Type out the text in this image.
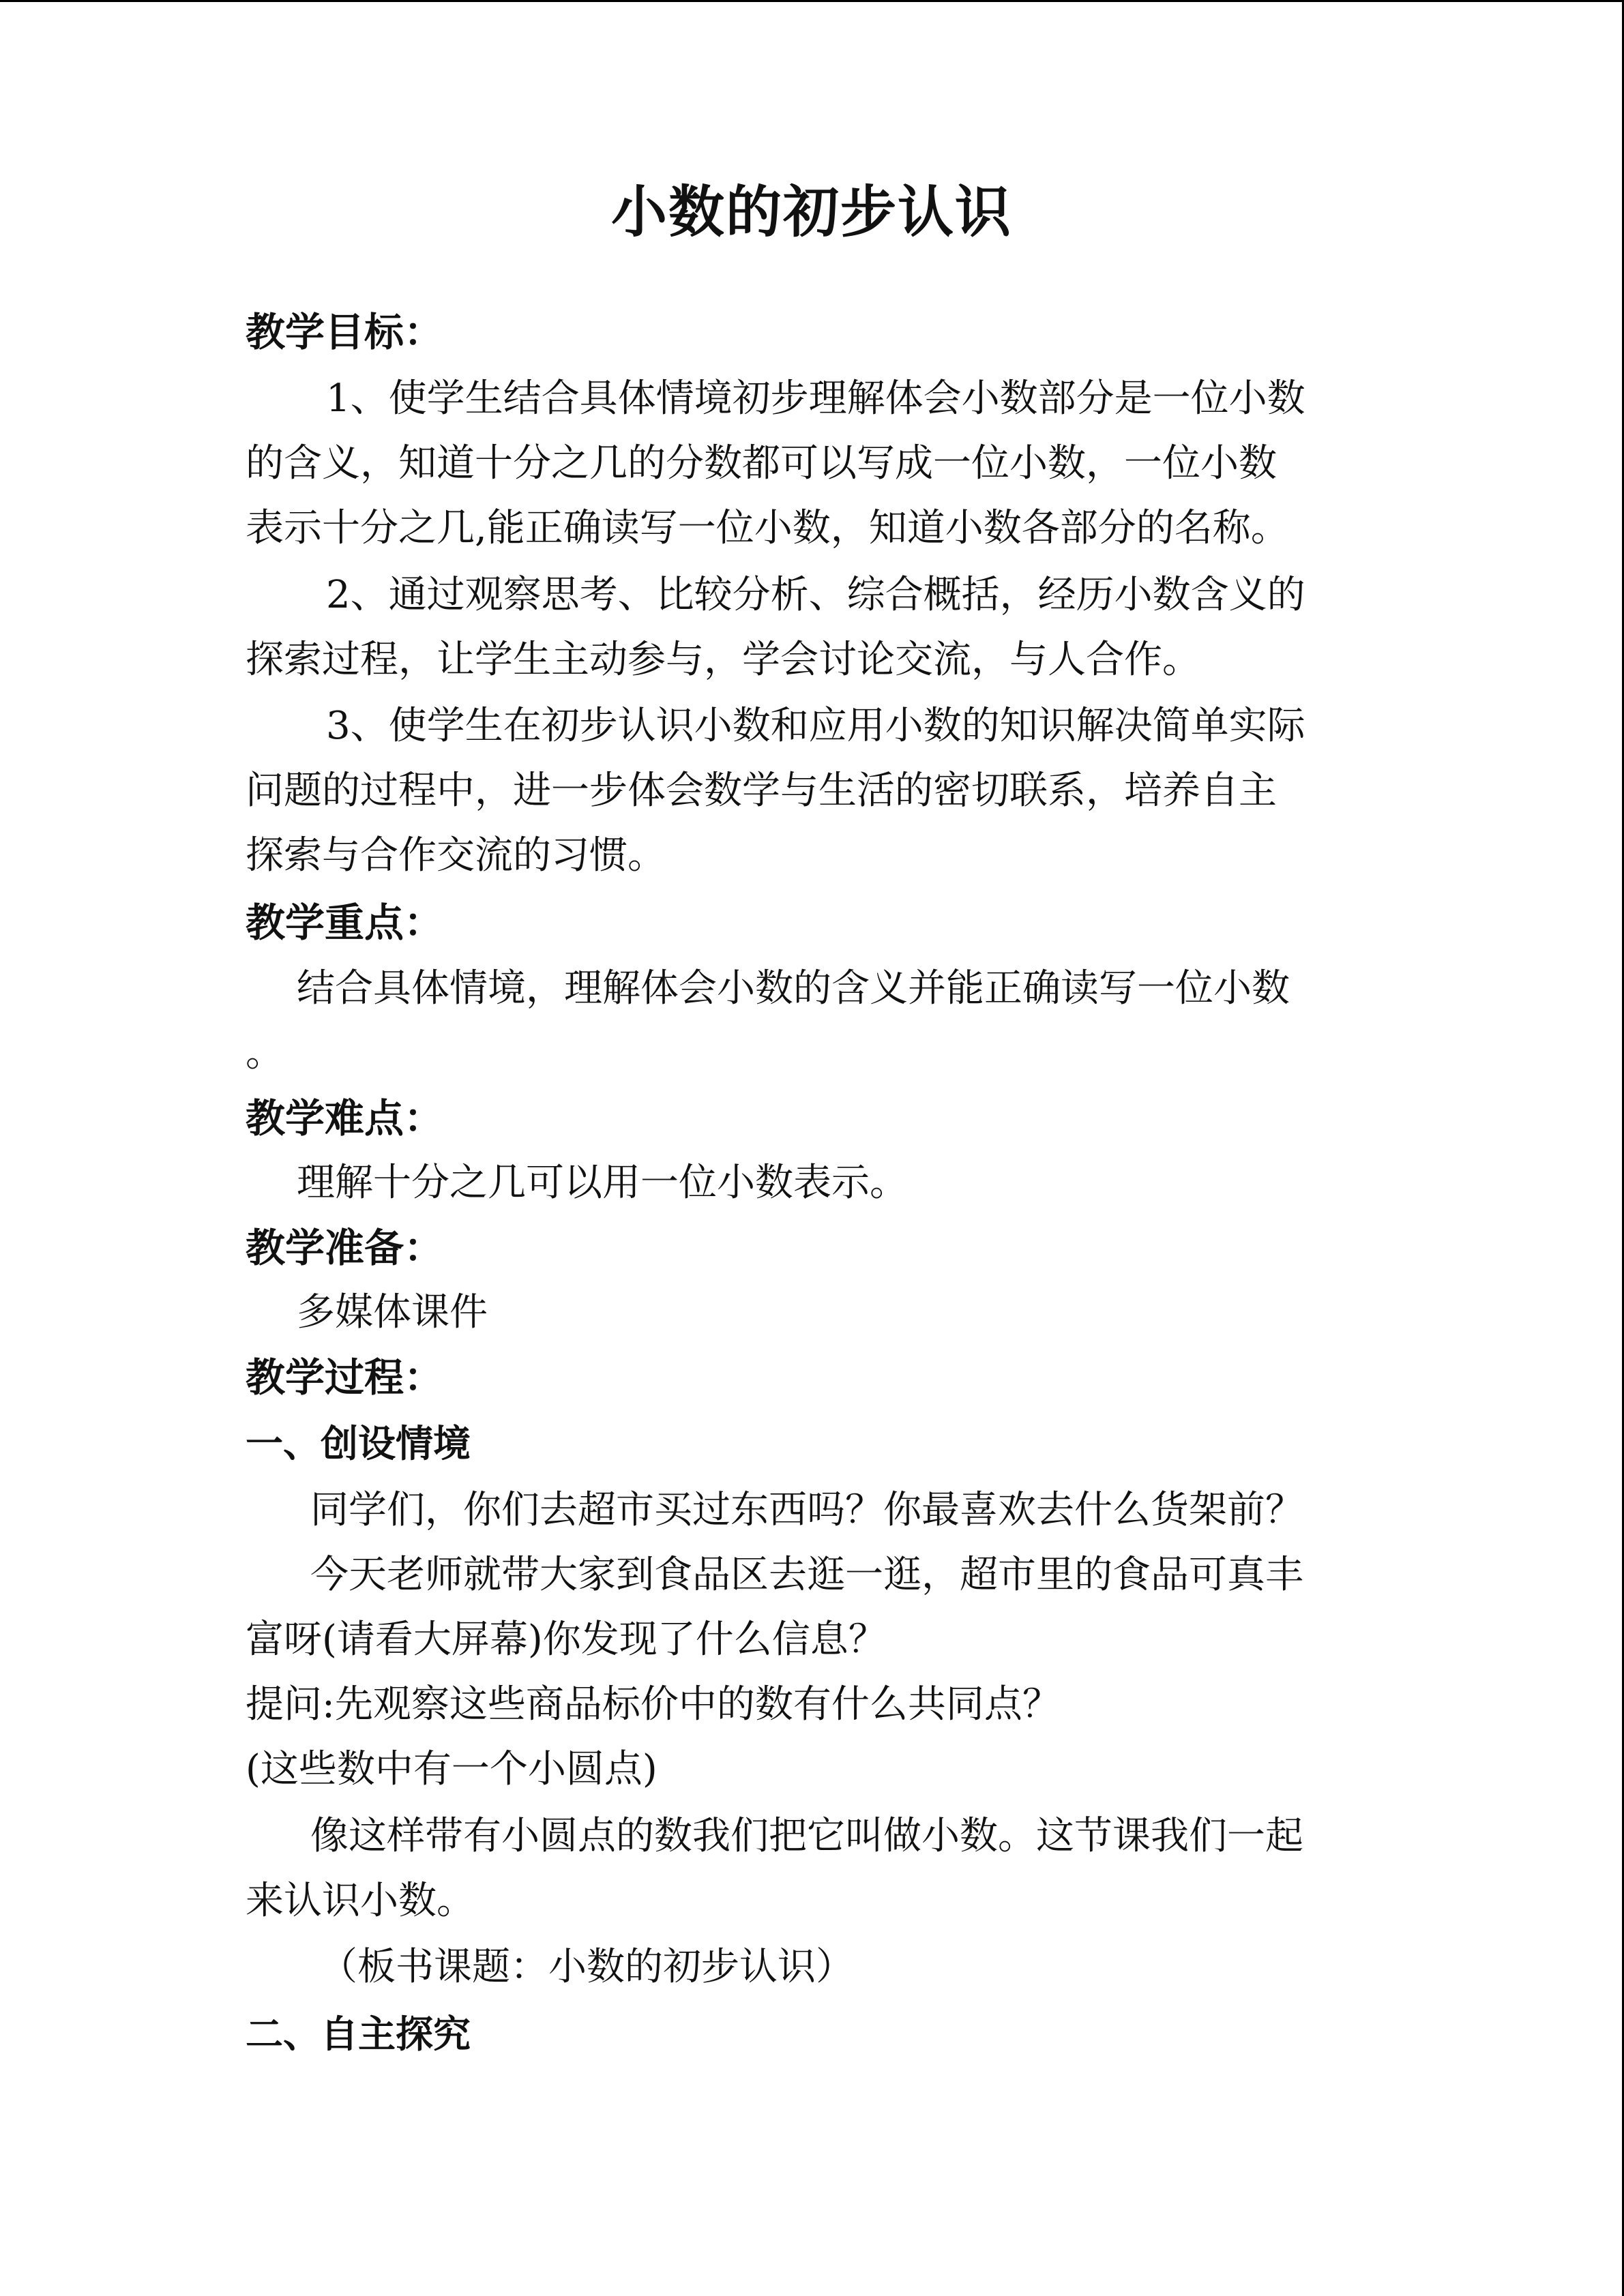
小数的初步认识
教学目标：
1、使学生结合具体情境初步理解体会小数部分是一位小数
的含义，知道十分之几的分数都可以写成一位小数，一位小数
表示十分之几,能正确读写一位小数，知道小数各部分的名称。
2、通过观察思考、比较分析、综合概括，经历小数含义的
探索过程，让学生主动参与，学会讨论交流，与人合作。
3、使学生在初步认识小数和应用小数的知识解决简单实际
问题的过程中，进一步体会数学与生活的密切联系，培养自主
探索与合作交流的习惯。
教学重点：
结合具体情境，理解体会小数的含义并能正确读写一位小数
。
教学难点：
理解十分之几可以用一位小数表示。
教学准备：
多媒体课件
教学过程：
一、创设情境
同学们，你们去超市买过东西吗？你最喜欢去什么货架前？
今天老师就带大家到食品区去逛一逛，超市里的食品可真丰
富呀(请看大屏幕)你发现了什么信息？
提问:先观察这些商品标价中的数有什么共同点？
(这些数中有一个小圆点)
像这样带有小圆点的数我们把它叫做小数。这节课我们一起
来认识小数。
（板书课题：小数的初步认识）
二、自主探究
